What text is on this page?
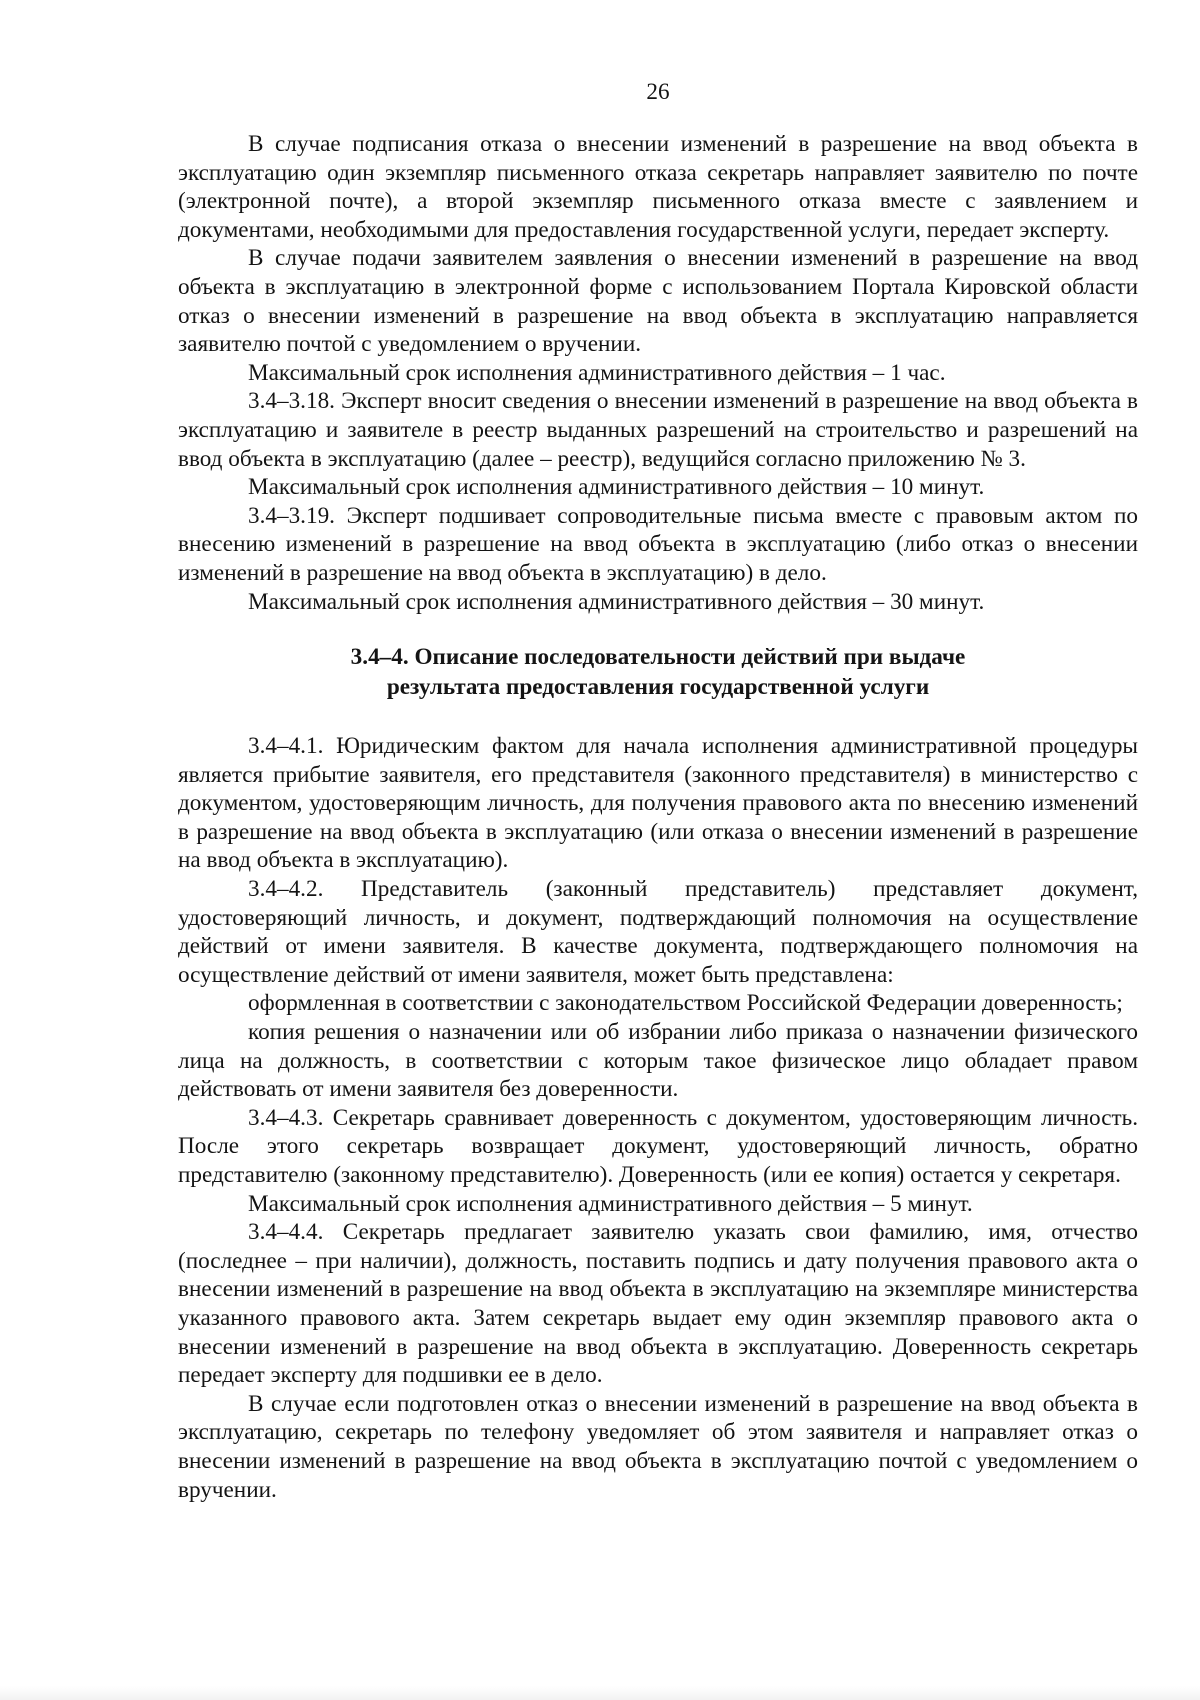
26

В случае подписания отказа о внесении изменений в разрешение на ввод объекта в эксплуатацию один экземпляр письменного отказа секретарь направляет заявителю по почте (электронной почте), а второй экземпляр письменного отказа вместе с заявлением и документами, необходимыми для предоставления государственной услуги, передает эксперту.

В случае подачи заявителем заявления о внесении изменений в разрешение на ввод объекта в эксплуатацию в электронной форме с использованием Портала Кировской области отказ о внесении изменений в разрешение на ввод объекта в эксплуатацию направляется заявителю почтой с уведомлением о вручении.

Максимальный срок исполнения административного действия – 1 час.

3.4–3.18. Эксперт вносит сведения о внесении изменений в разрешение на ввод объекта в эксплуатацию и заявителе в реестр выданных разрешений на строительство и разрешений на ввод объекта в эксплуатацию (далее – реестр), ведущийся согласно приложению № 3.

Максимальный срок исполнения административного действия – 10 минут.

3.4–3.19. Эксперт подшивает сопроводительные письма вместе с правовым актом по внесению изменений в разрешение на ввод объекта в эксплуатацию (либо отказ о внесении изменений в разрешение на ввод объекта в эксплуатацию) в дело.

Максимальный срок исполнения административного действия – 30 минут.

3.4–4. Описание последовательности действий при выдаче
результата предоставления государственной услуги

3.4–4.1. Юридическим фактом для начала исполнения административной процедуры является прибытие заявителя, его представителя (законного представителя) в министерство с документом, удостоверяющим личность, для получения правового акта по внесению изменений в разрешение на ввод объекта в эксплуатацию (или отказа о внесении изменений в разрешение на ввод объекта в эксплуатацию).

3.4–4.2. Представитель (законный представитель) представляет документ, удостоверяющий личность, и документ, подтверждающий полномочия на осуществление действий от имени заявителя. В качестве документа, подтверждающего полномочия на осуществление действий от имени заявителя, может быть представлена:

оформленная в соответствии с законодательством Российской Федерации доверенность;

копия решения о назначении или об избрании либо приказа о назначении физического лица на должность, в соответствии с которым такое физическое лицо обладает правом действовать от имени заявителя без доверенности.

3.4–4.3. Секретарь сравнивает доверенность с документом, удостоверяющим личность. После этого секретарь возвращает документ, удостоверяющий личность, обратно представителю (законному представителю). Доверенность (или ее копия) остается у секретаря.

Максимальный срок исполнения административного действия – 5 минут.

3.4–4.4. Секретарь предлагает заявителю указать свои фамилию, имя, отчество (последнее – при наличии), должность, поставить подпись и дату получения правового акта о внесении изменений в разрешение на ввод объекта в эксплуатацию на экземпляре министерства указанного правового акта. Затем секретарь выдает ему один экземпляр правового акта о внесении изменений в разрешение на ввод объекта в эксплуатацию. Доверенность секретарь передает эксперту для подшивки ее в дело.

В случае если подготовлен отказ о внесении изменений в разрешение на ввод объекта в эксплуатацию, секретарь по телефону уведомляет об этом заявителя и направляет отказ о внесении изменений в разрешение на ввод объекта в эксплуатацию почтой с уведомлением о вручении.
